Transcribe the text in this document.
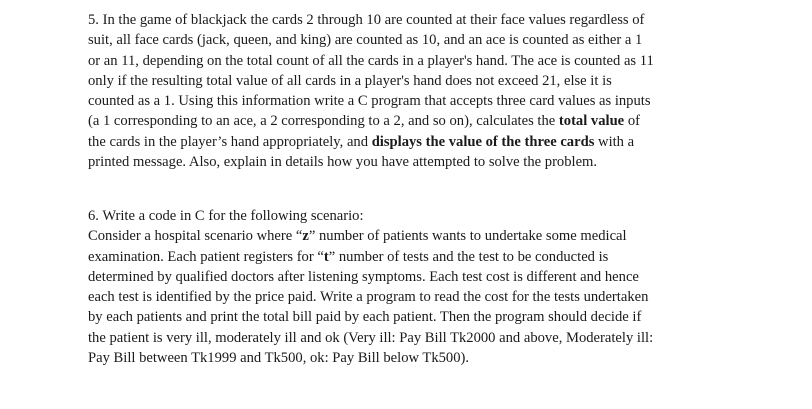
5. In the game of blackjack the cards 2 through 10 are counted at their face values regardless of
suit, all face cards (jack, queen, and king) are counted as 10, and an ace is counted as either a 1
or an 11, depending on the total count of all the cards in a player's hand. The ace is counted as 11
only if the resulting total value of all cards in a player's hand does not exceed 21, else it is
counted as a 1. Using this information write a C program that accepts three card values as inputs
(a 1 corresponding to an ace, a 2 corresponding to a 2, and so on), calculates the total value of
the cards in the player’s hand appropriately, and displays the value of the three cards with a
printed message. Also, explain in details how you have attempted to solve the problem.
6. Write a code in C for the following scenario:
Consider a hospital scenario where “z” number of patients wants to undertake some medical
examination. Each patient registers for “t” number of tests and the test to be conducted is
determined by qualified doctors after listening symptoms. Each test cost is different and hence
each test is identified by the price paid. Write a program to read the cost for the tests undertaken
by each patients and print the total bill paid by each patient. Then the program should decide if
the patient is very ill, moderately ill and ok (Very ill: Pay Bill Tk2000 and above, Moderately ill:
Pay Bill between Tk1999 and Tk500, ok: Pay Bill below Tk500).
